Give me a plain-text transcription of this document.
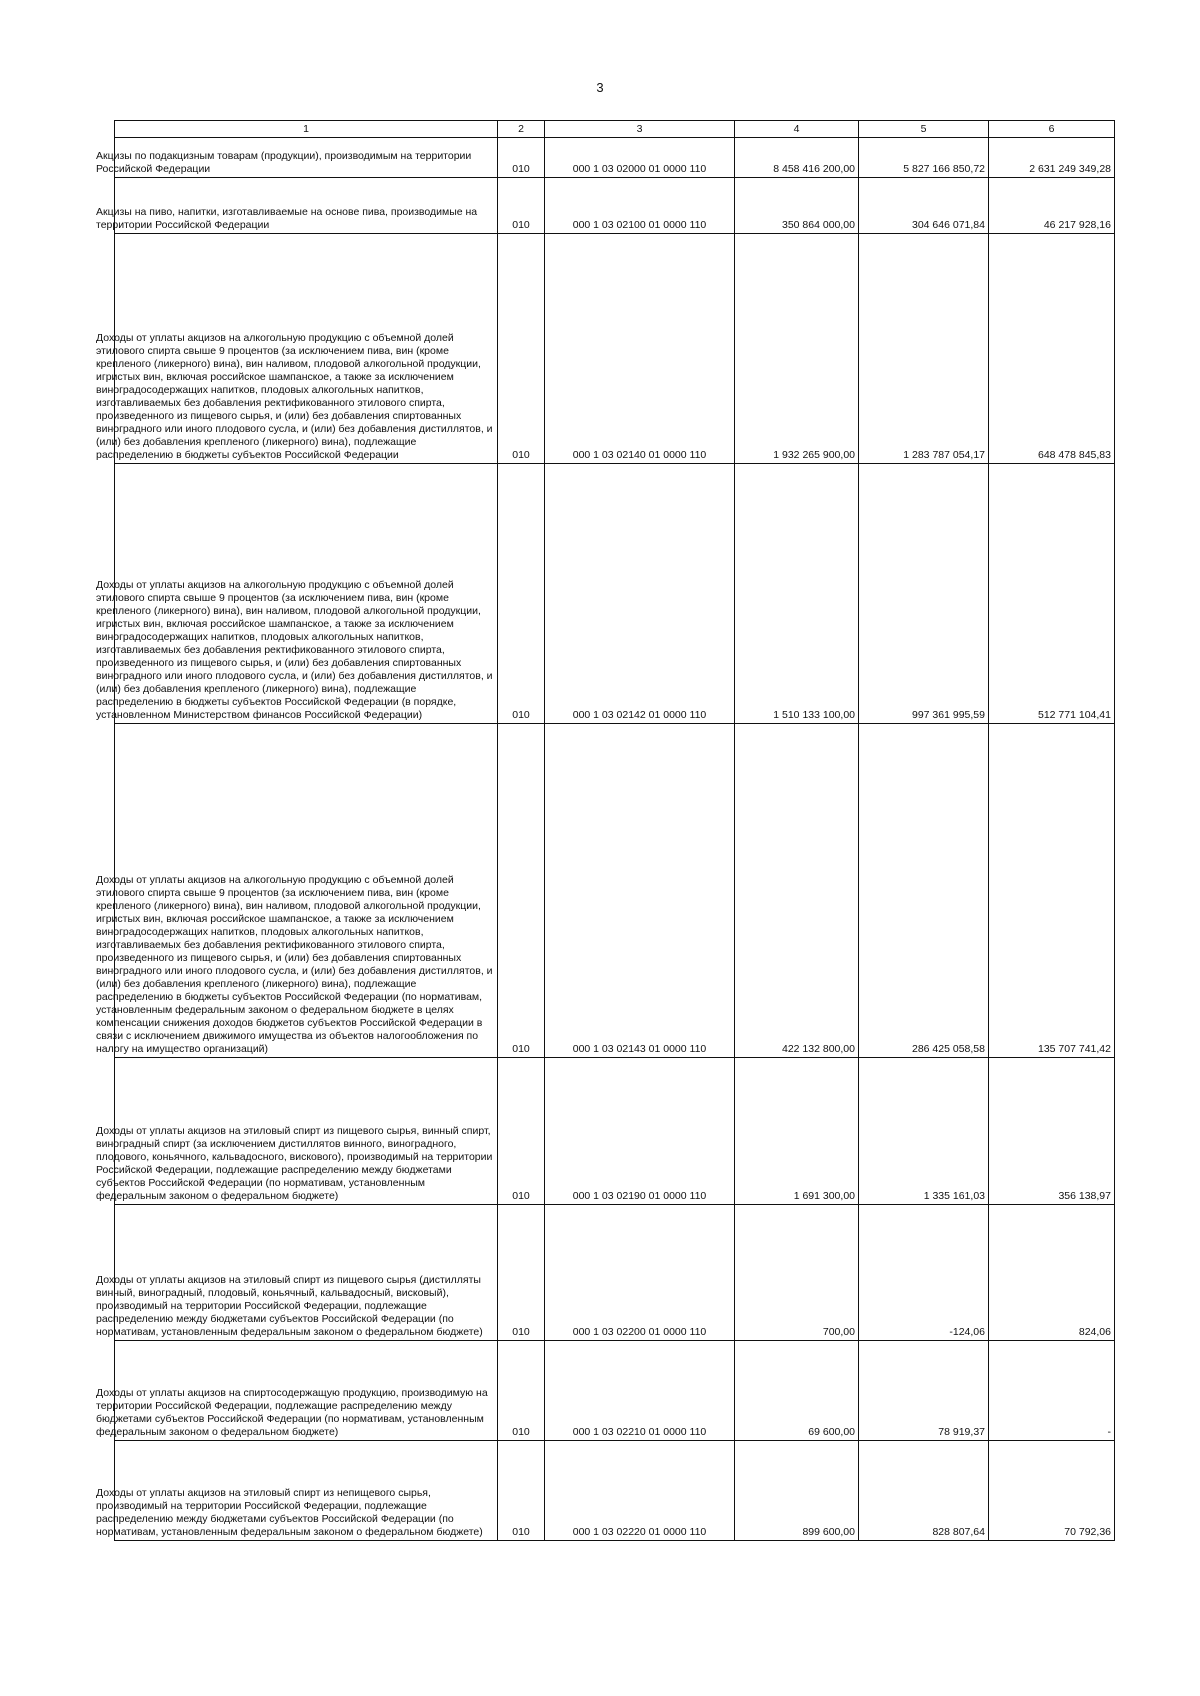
3
1	2	3	4	5	6

Акцизы по подакцизным товарам (продукции), производимым на территории Российской Федерации	010	000 1 03 02000 01 0000 110	8 458 416 200,00	5 827 166 850,72	2 631 249 349,28

Акцизы на пиво, напитки, изготавливаемые на основе пива, производимые на территории Российской Федерации	010	000 1 03 02100 01 0000 110	350 864 000,00	304 646 071,84	46 217 928,16

Доходы от уплаты акцизов на алкогольную продукцию с объемной долей этилового спирта свыше 9 процентов (за исключением пива, вин (кроме крепленого (ликерного) вина), вин наливом, плодовой алкогольной продукции, игристых вин, включая российское шампанское, а также за исключением виноградосодержащих напитков, плодовых алкогольных напитков, изготавливаемых без добавления ректификованного этилового спирта, произведенного из пищевого сырья, и (или) без добавления спиртованных виноградного или иного плодового сусла, и (или) без добавления дистиллятов, и (или) без добавления крепленого (ликерного) вина), подлежащие распределению в бюджеты субъектов Российской Федерации	010	000 1 03 02140 01 0000 110	1 932 265 900,00	1 283 787 054,17	648 478 845,83

Доходы от уплаты акцизов на алкогольную продукцию с объемной долей этилового спирта свыше 9 процентов (за исключением пива, вин (кроме крепленого (ликерного) вина), вин наливом, плодовой алкогольной продукции, игристых вин, включая российское шампанское, а также за исключением виноградосодержащих напитков, плодовых алкогольных напитков, изготавливаемых без добавления ректификованного этилового спирта, произведенного из пищевого сырья, и (или) без добавления спиртованных виноградного или иного плодового сусла, и (или) без добавления дистиллятов, и (или) без добавления крепленого (ликерного) вина), подлежащие распределению в бюджеты субъектов Российской Федерации (в порядке, установленном Министерством финансов Российской Федерации)	010	000 1 03 02142 01 0000 110	1 510 133 100,00	997 361 995,59	512 771 104,41

Доходы от уплаты акцизов на алкогольную продукцию с объемной долей этилового спирта свыше 9 процентов (за исключением пива, вин (кроме крепленого (ликерного) вина), вин наливом, плодовой алкогольной продукции, игристых вин, включая российское шампанское, а также за исключением виноградосодержащих напитков, плодовых алкогольных напитков, изготавливаемых без добавления ректификованного этилового спирта, произведенного из пищевого сырья, и (или) без добавления спиртованных виноградного или иного плодового сусла, и (или) без добавления дистиллятов, и (или) без добавления крепленого (ликерного) вина), подлежащие распределению в бюджеты субъектов Российской Федерации (по нормативам, установленным федеральным законом о федеральном бюджете в целях компенсации снижения доходов бюджетов субъектов Российской Федерации в связи с исключением движимого имущества из объектов налогообложения по налогу на имущество организаций)	010	000 1 03 02143 01 0000 110	422 132 800,00	286 425 058,58	135 707 741,42

Доходы от уплаты акцизов на этиловый спирт из пищевого сырья, винный спирт, виноградный спирт (за исключением дистиллятов винного, виноградного, плодового, коньячного, кальвадосного, вискового), производимый на территории Российской Федерации, подлежащие распределению между бюджетами субъектов Российской Федерации (по нормативам, установленным федеральным законом о федеральном бюджете)	010	000 1 03 02190 01 0000 110	1 691 300,00	1 335 161,03	356 138,97

Доходы от уплаты акцизов на этиловый спирт из пищевого сырья (дистилляты винный, виноградный, плодовый, коньячный, кальвадосный, висковый), производимый на территории Российской Федерации, подлежащие распределению между бюджетами субъектов Российской Федерации (по нормативам, установленным федеральным законом о федеральном бюджете)	010	000 1 03 02200 01 0000 110	700,00	-124,06	824,06

Доходы от уплаты акцизов на спиртосодержащую продукцию, производимую на территории Российской Федерации, подлежащие распределению между бюджетами субъектов Российской Федерации (по нормативам, установленным федеральным законом о федеральном бюджете)	010	000 1 03 02210 01 0000 110	69 600,00	78 919,37	-

Доходы от уплаты акцизов на этиловый спирт из непищевого сырья, производимый на территории Российской Федерации, подлежащие распределению между бюджетами субъектов Российской Федерации (по нормативам, установленным федеральным законом о федеральном бюджете)	010	000 1 03 02220 01 0000 110	899 600,00	828 807,64	70 792,36
